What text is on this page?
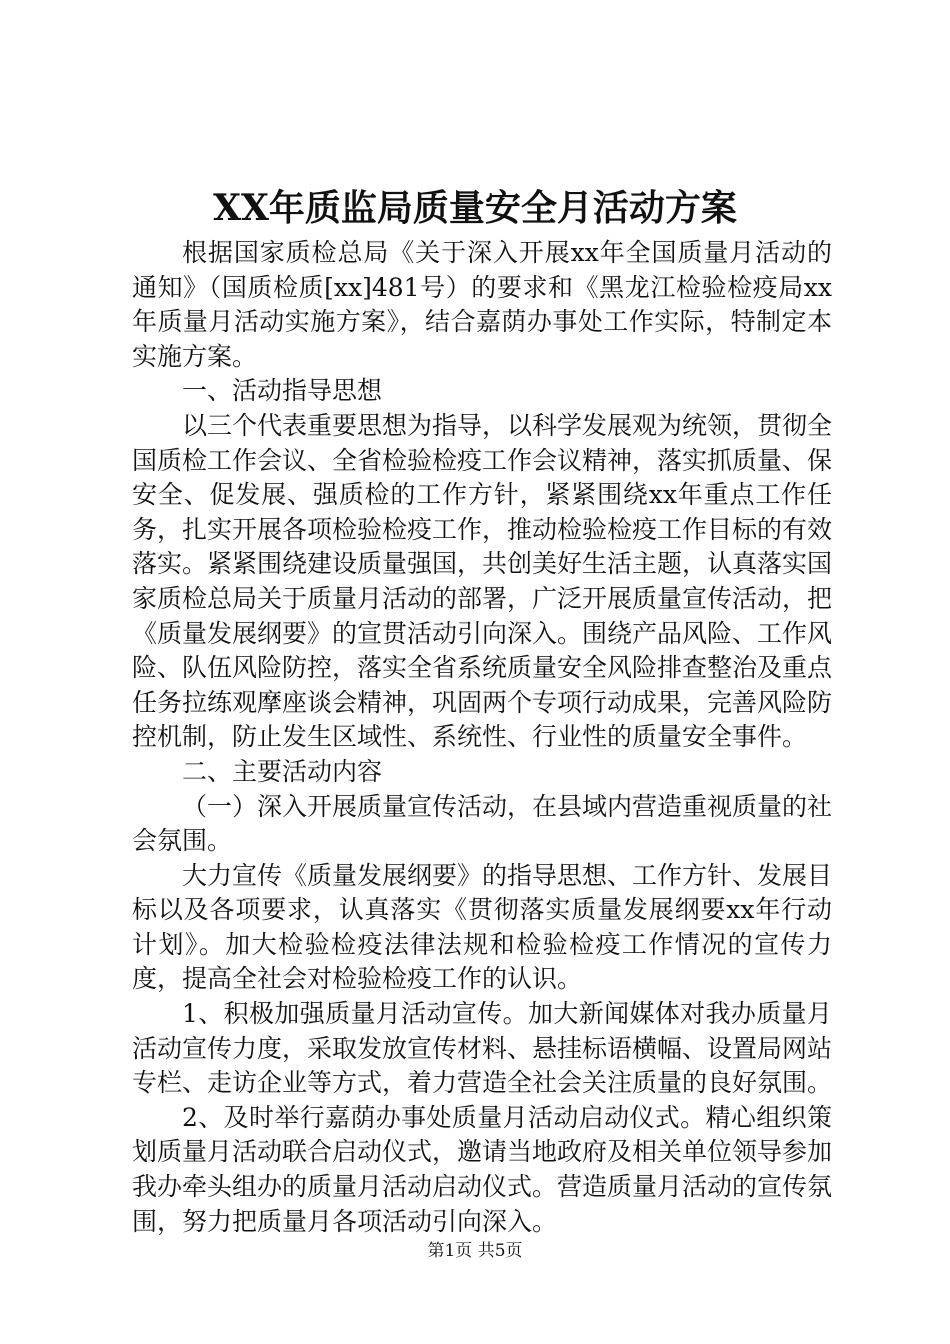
XX年质监局质量安全月活动方案

根据国家质检总局《关于深入开展xx年全国质量月活动的通知》（国质检质[xx]481号）的要求和《黑龙江检验检疫局xx年质量月活动实施方案》，结合嘉荫办事处工作实际，特制定本实施方案。

一、活动指导思想

以三个代表重要思想为指导，以科学发展观为统领，贯彻全国质检工作会议、全省检验检疫工作会议精神，落实抓质量、保安全、促发展、强质检的工作方针，紧紧围绕xx年重点工作任务，扎实开展各项检验检疫工作，推动检验检疫工作目标的有效落实。紧紧围绕建设质量强国，共创美好生活主题，认真落实国家质检总局关于质量月活动的部署，广泛开展质量宣传活动，把《质量发展纲要》的宣贯活动引向深入。围绕产品风险、工作风险、队伍风险防控，落实全省系统质量安全风险排查整治及重点任务拉练观摩座谈会精神，巩固两个专项行动成果，完善风险防控机制，防止发生区域性、系统性、行业性的质量安全事件。

二、主要活动内容

（一）深入开展质量宣传活动，在县域内营造重视质量的社会氛围。

大力宣传《质量发展纲要》的指导思想、工作方针、发展目标以及各项要求，认真落实《贯彻落实质量发展纲要xx年行动计划》。加大检验检疫法律法规和检验检疫工作情况的宣传力度，提高全社会对检验检疫工作的认识。

1、积极加强质量月活动宣传。加大新闻媒体对我办质量月活动宣传力度，采取发放宣传材料、悬挂标语横幅、设置局网站专栏、走访企业等方式，着力营造全社会关注质量的良好氛围。

2、及时举行嘉荫办事处质量月活动启动仪式。精心组织策划质量月活动联合启动仪式，邀请当地政府及相关单位领导参加我办牵头组办的质量月活动启动仪式。营造质量月活动的宣传氛围，努力把质量月各项活动引向深入。

第1页 共5页
